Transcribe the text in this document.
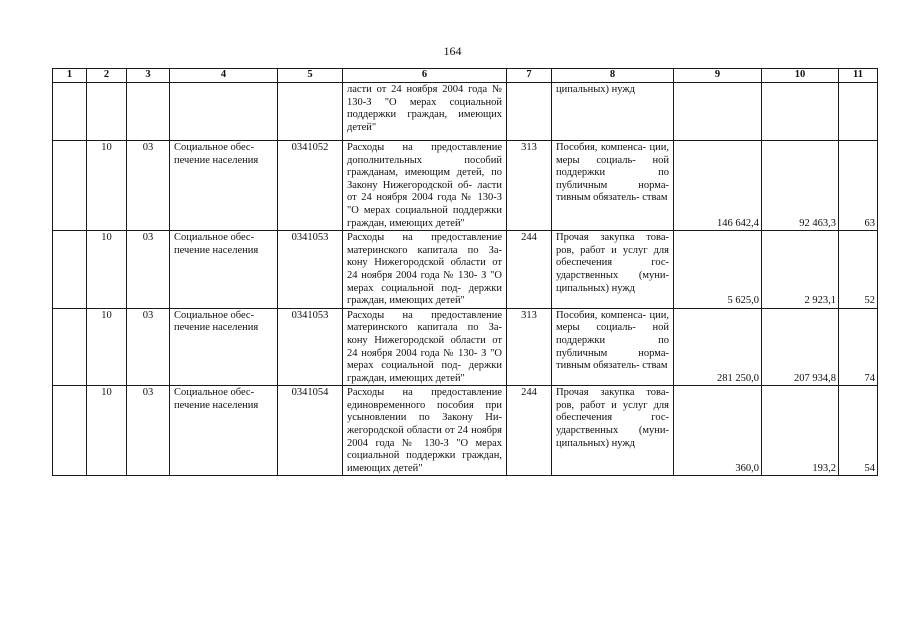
164
1	2	3	4	5	6	7	8	9	10	11
					ласти от 24 ноября 2004 года № 130-З "О мерах социальной поддержки граждан, имеющих детей"		ципальных) нужд			
	10	03	Социальное обес- печение населения	0341052	Расходы на предоставление дополнительных пособий гражданам, имеющим детей, по Закону Нижегородской об- ласти от 24 ноября 2004 года № 130-З "О мерах социальной поддержки граждан, имеющих детей"	313	Пособия, компенса- ции, меры социаль- ной поддержки по публичным норма- тивным обязатель- ствам	146 642,4	92 463,3	63
	10	03	Социальное обес- печение населения	0341053	Расходы на предоставление материнского капитала по За- кону Нижегородской области от 24 ноября 2004 года № 130- З "О мерах социальной под- держки граждан, имеющих детей"	244	Прочая закупка това- ров, работ и услуг для обеспечения гос- ударственных (муни- ципальных) нужд	5 625,0	2 923,1	52
	10	03	Социальное обес- печение населения	0341053	Расходы на предоставление материнского капитала по За- кону Нижегородской области от 24 ноября 2004 года № 130- З "О мерах социальной под- держки граждан, имеющих детей"	313	Пособия, компенса- ции, меры социаль- ной поддержки по публичным норма- тивным обязатель- ствам	281 250,0	207 934,8	74
	10	03	Социальное обес- печение населения	0341054	Расходы на предоставление единовременного пособия при усыновлении по Закону Ни- жегородской области от 24 ноября 2004 года № 130-З "О мерах социальной поддержки граждан, имеющих детей"	244	Прочая закупка това- ров, работ и услуг для обеспечения гос- ударственных (муни- ципальных) нужд	360,0	193,2	54
